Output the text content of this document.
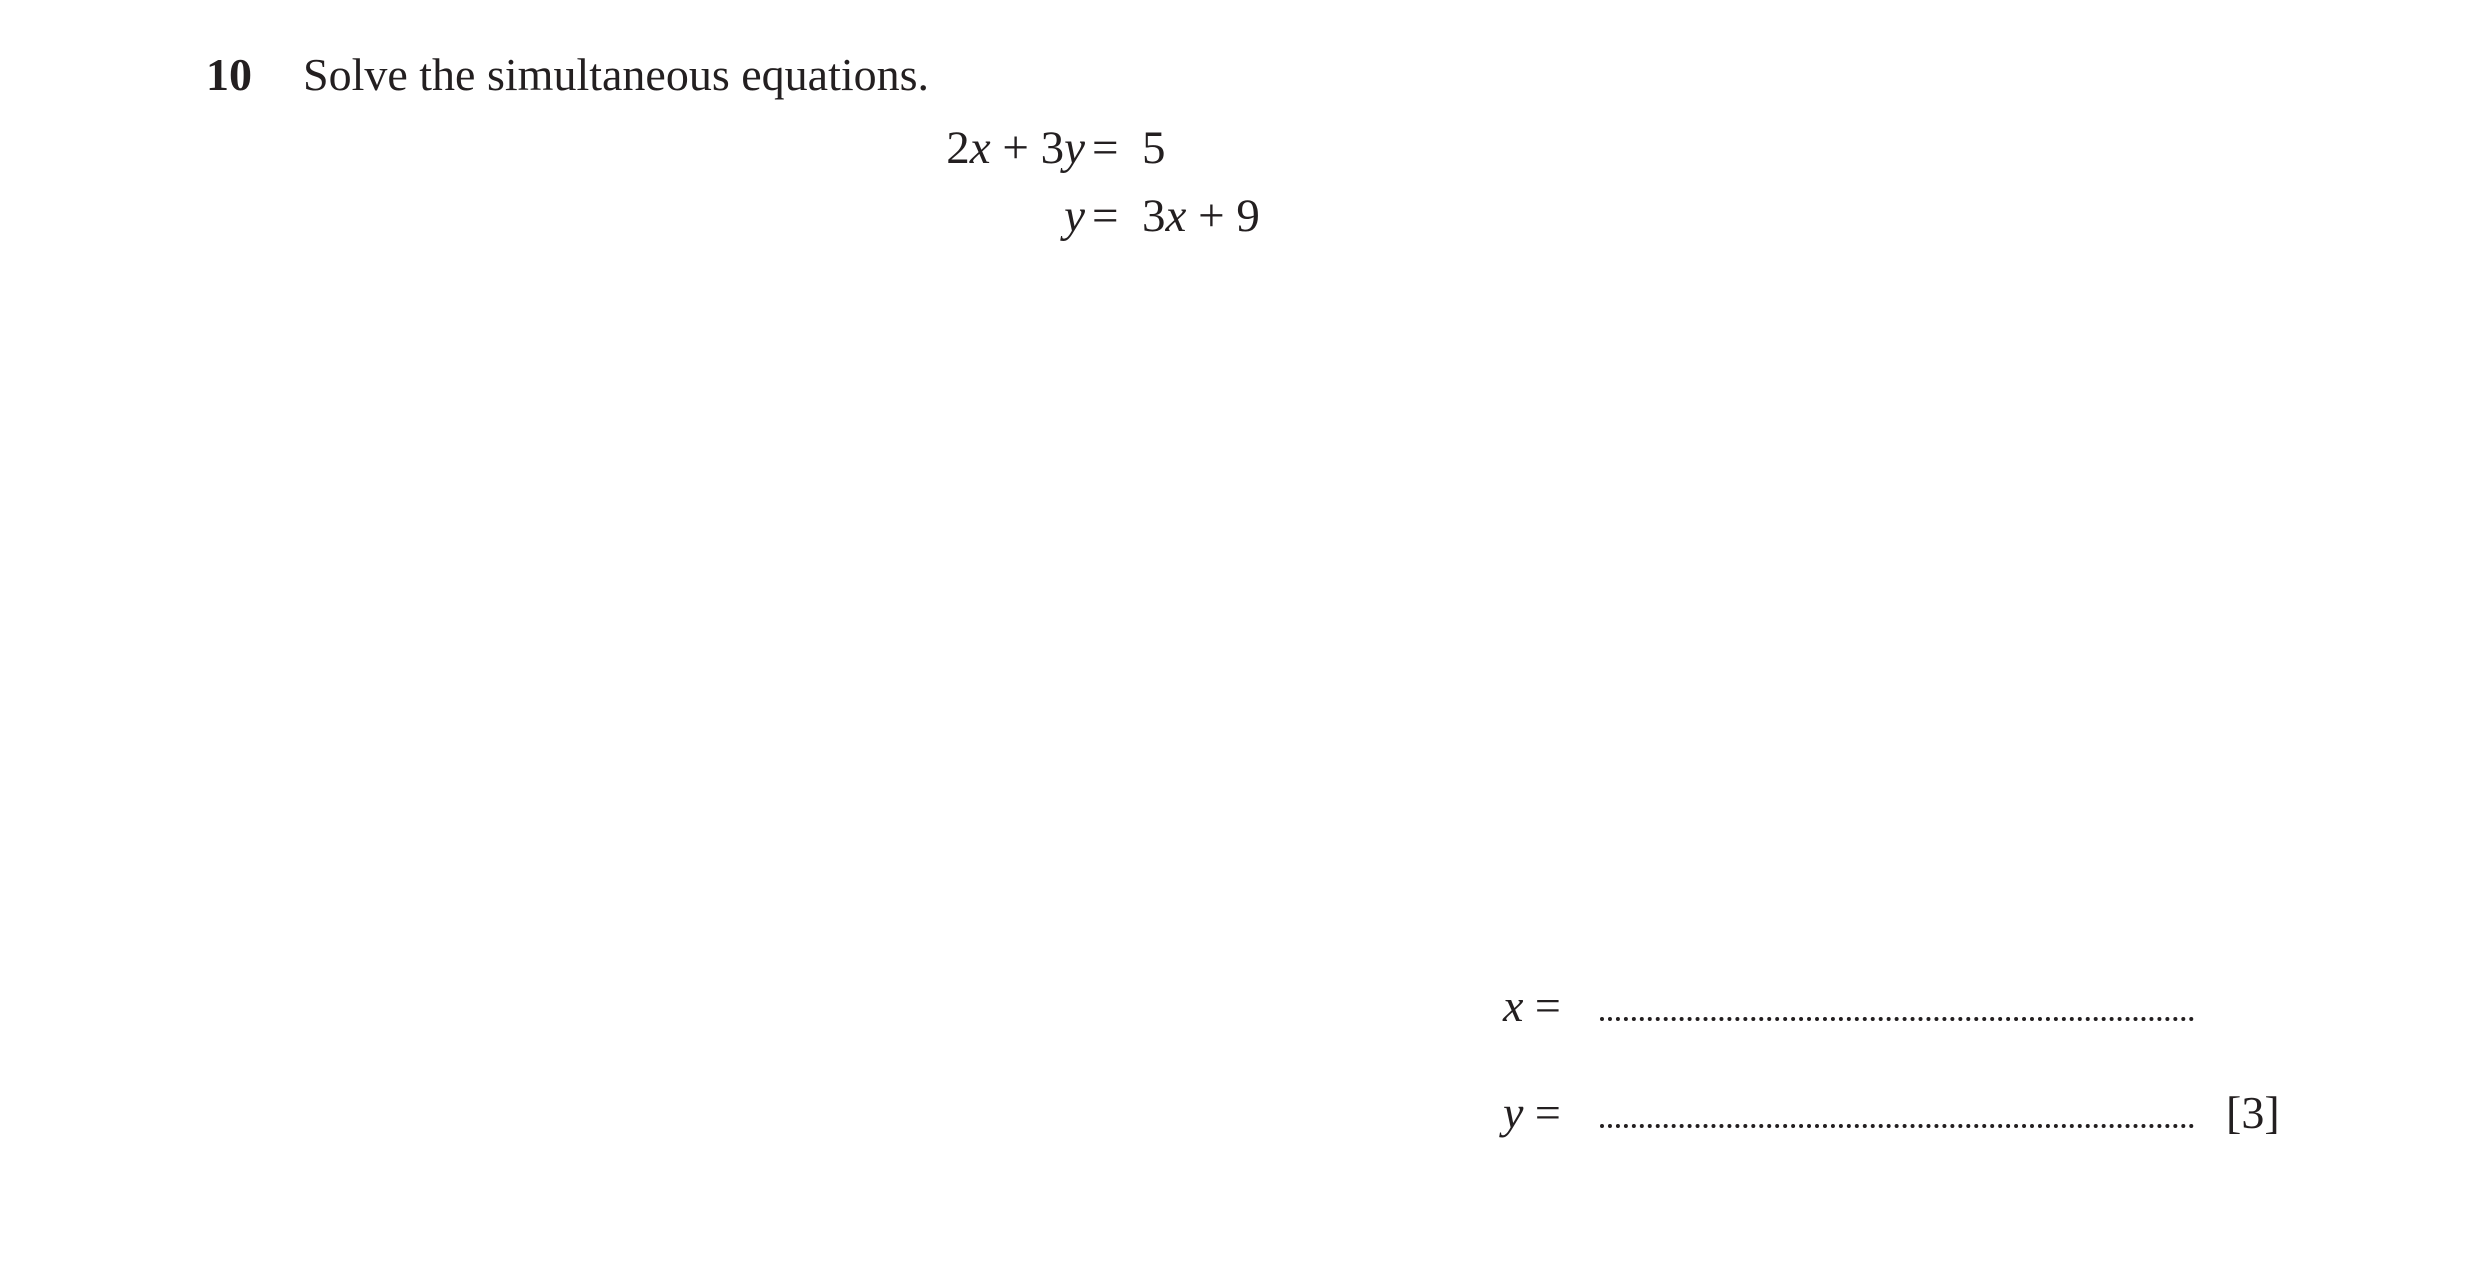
10 Solve the simultaneous equations.
2x + 3y = 5
y = 3x + 9
x =
y =	[3]
